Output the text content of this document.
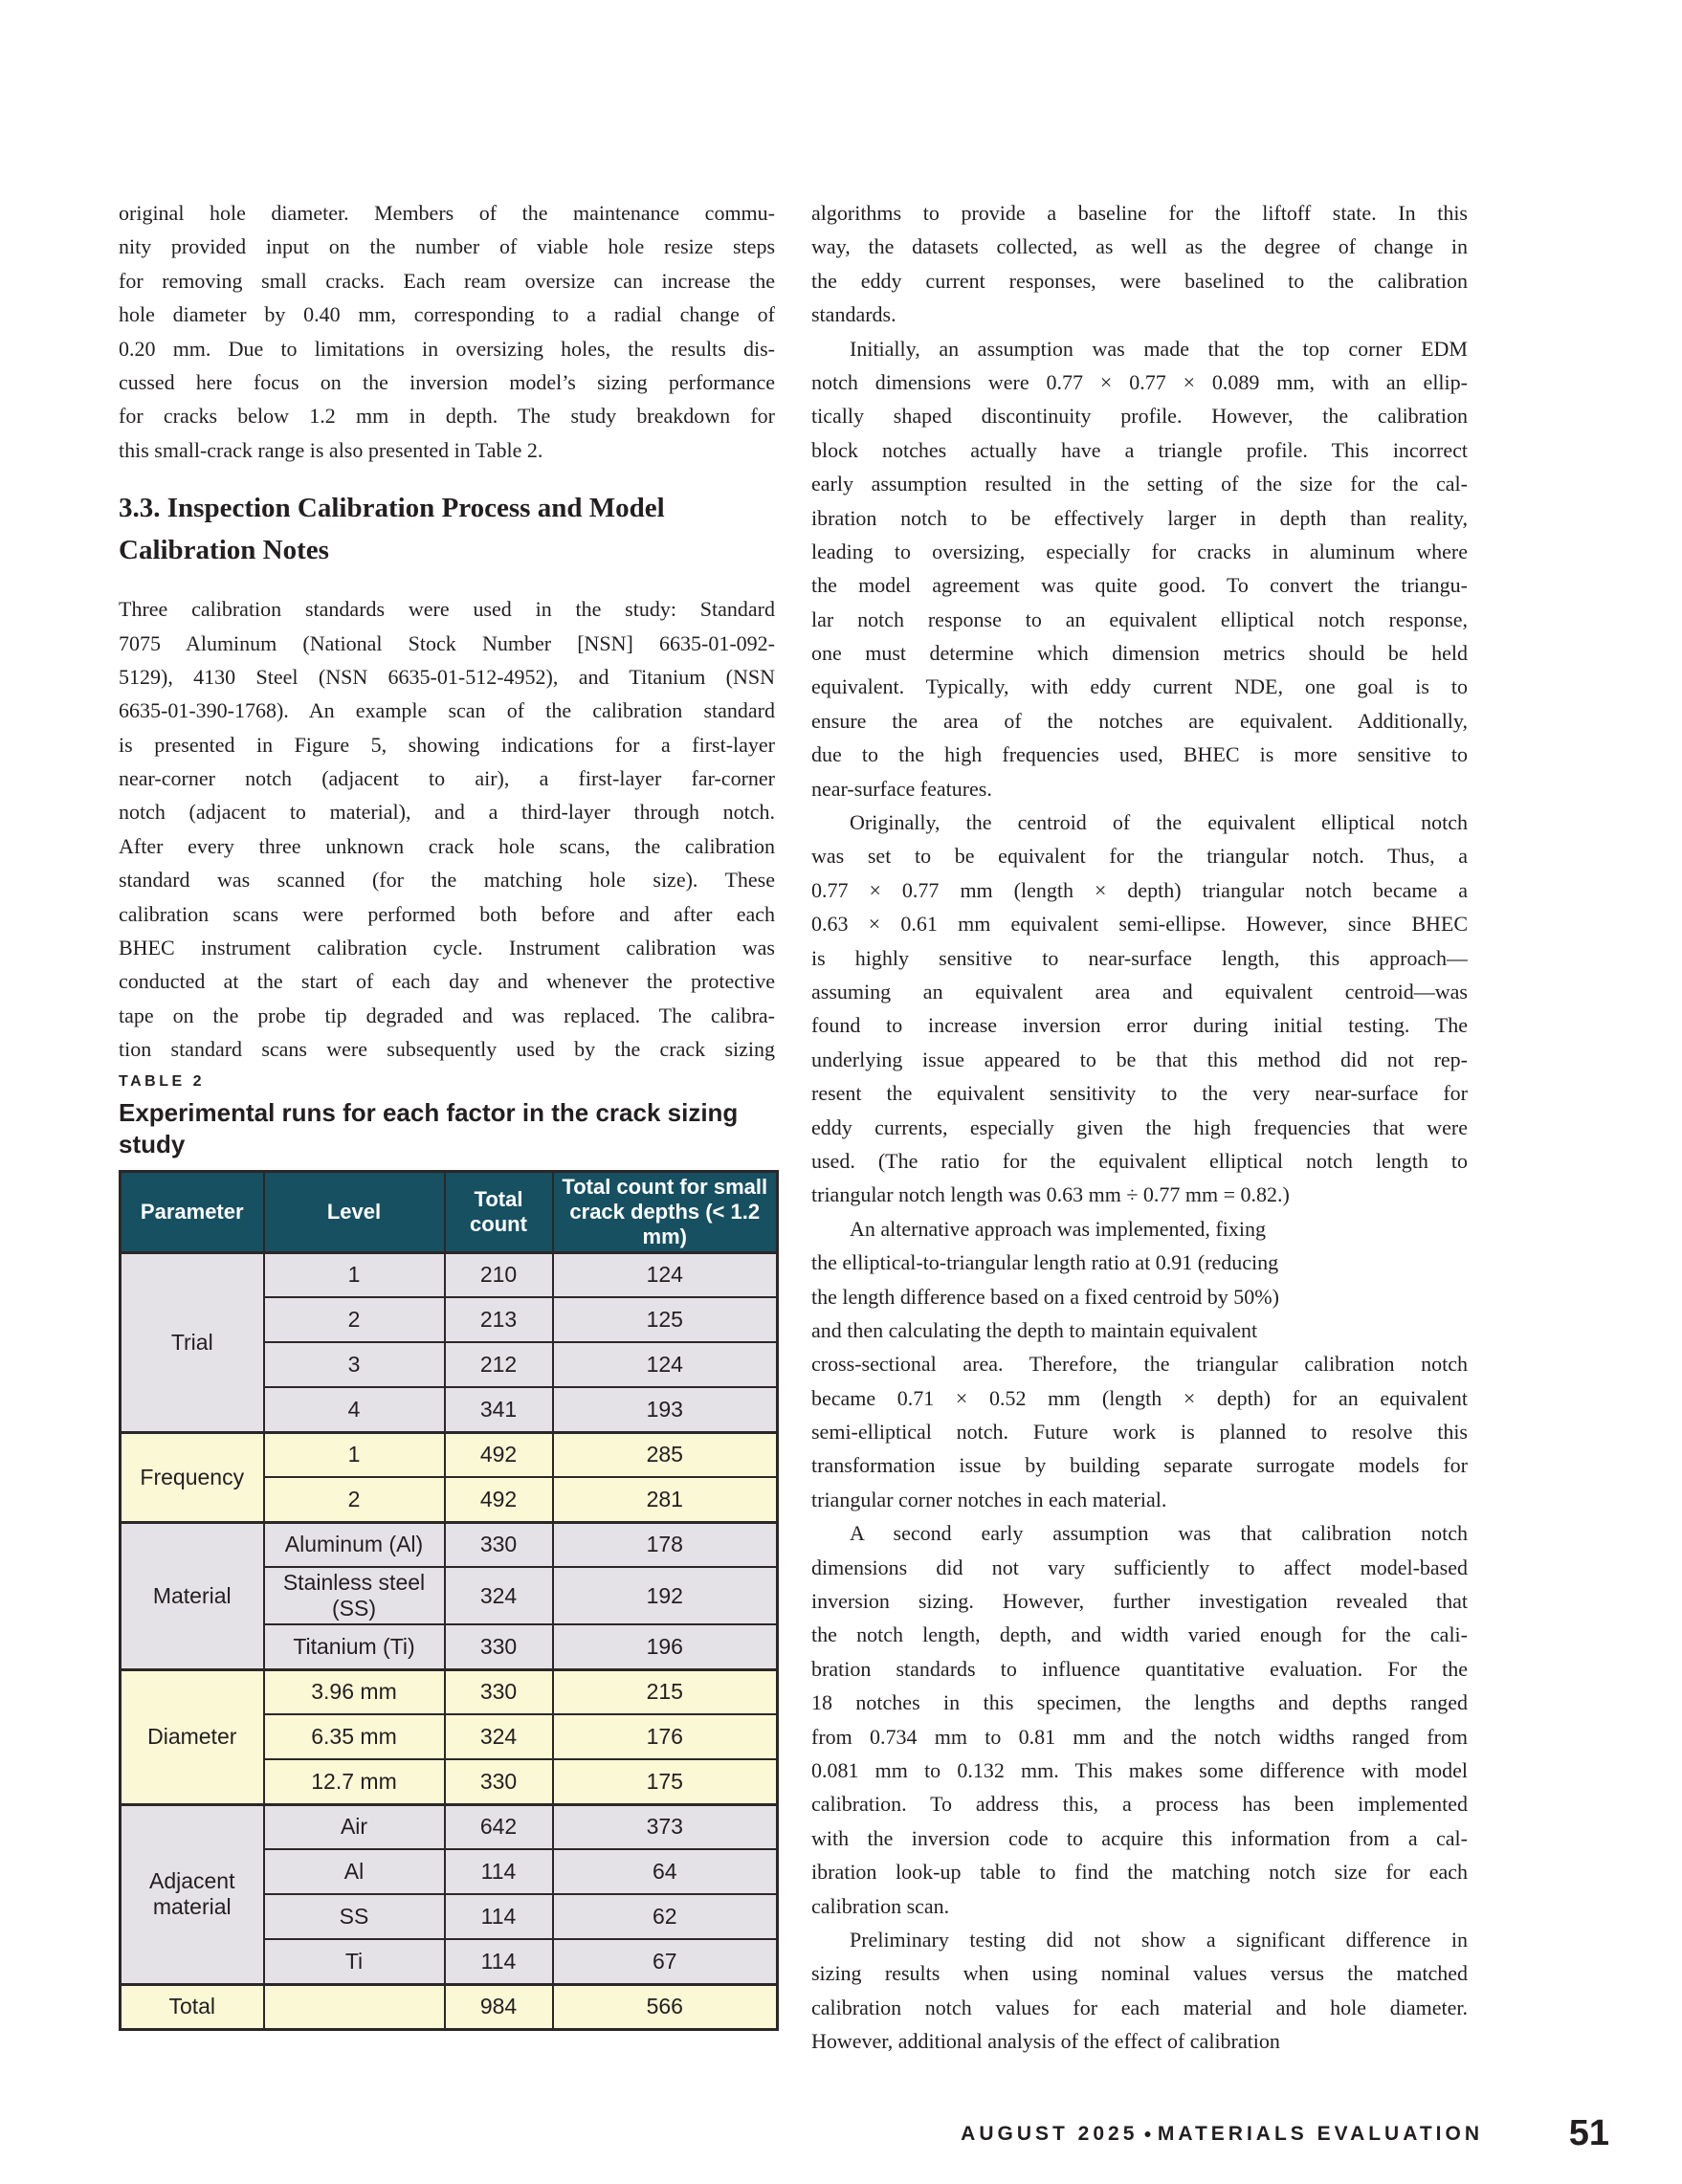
original hole diameter. Members of the maintenance commu-
nity provided input on the number of viable hole resize steps
for removing small cracks. Each ream oversize can increase the
hole diameter by 0.40 mm, corresponding to a radial change of
0.20 mm. Due to limitations in oversizing holes, the results dis-
cussed here focus on the inversion model’s sizing performance
for cracks below 1.2 mm in depth. The study breakdown for
this small-crack range is also presented in Table 2.
3.3. Inspection Calibration Process and Model
Calibration Notes
Three calibration standards were used in the study: Standard
7075 Aluminum (National Stock Number [NSN] 6635-01-092-
5129), 4130 Steel (NSN 6635-01-512-4952), and Titanium (NSN
6635-01-390-1768). An example scan of the calibration standard
is presented in Figure 5, showing indications for a first-layer
near-corner notch (adjacent to air), a first-layer far-corner
notch (adjacent to material), and a third-layer through notch.
After every three unknown crack hole scans, the calibration
standard was scanned (for the matching hole size). These
calibration scans were performed both before and after each
BHEC instrument calibration cycle. Instrument calibration was
conducted at the start of each day and whenever the protective
tape on the probe tip degraded and was replaced. The calibra-
tion standard scans were subsequently used by the crack sizing
TABLE 2
Experimental runs for each factor in the crack sizing
study
Parameter	Level	Total count	Total count for small crack depths (< 1.2 mm)
Trial	1	210	124
	2	213	125
	3	212	124
	4	341	193
Frequency	1	492	285
	2	492	281
Material	Aluminum (Al)	330	178
	Stainless steel (SS)	324	192
	Titanium (Ti)	330	196
Diameter	3.96 mm	330	215
	6.35 mm	324	176
	12.7 mm	330	175
Adjacent material	Air	642	373
	Al	114	64
	SS	114	62
	Ti	114	67
Total		984	566
algorithms to provide a baseline for the liftoff state. In this
way, the datasets collected, as well as the degree of change in
the eddy current responses, were baselined to the calibration
standards.
Initially, an assumption was made that the top corner EDM
notch dimensions were 0.77 × 0.77 × 0.089 mm, with an ellip-
tically shaped discontinuity profile. However, the calibration
block notches actually have a triangle profile. This incorrect
early assumption resulted in the setting of the size for the cal-
ibration notch to be effectively larger in depth than reality,
leading to oversizing, especially for cracks in aluminum where
the model agreement was quite good. To convert the triangu-
lar notch response to an equivalent elliptical notch response,
one must determine which dimension metrics should be held
equivalent. Typically, with eddy current NDE, one goal is to
ensure the area of the notches are equivalent. Additionally,
due to the high frequencies used, BHEC is more sensitive to
near-surface features.
Originally, the centroid of the equivalent elliptical notch
was set to be equivalent for the triangular notch. Thus, a
0.77 × 0.77 mm (length × depth) triangular notch became a
0.63 × 0.61 mm equivalent semi-ellipse. However, since BHEC
is highly sensitive to near-surface length, this approach—
assuming an equivalent area and equivalent centroid—was
found to increase inversion error during initial testing. The
underlying issue appeared to be that this method did not rep-
resent the equivalent sensitivity to the very near-surface for
eddy currents, especially given the high frequencies that were
used. (The ratio for the equivalent elliptical notch length to
triangular notch length was 0.63 mm ÷ 0.77 mm = 0.82.)
An alternative approach was implemented, fixing
the elliptical-to-triangular length ratio at 0.91 (reducing
the length difference based on a fixed centroid by 50%)
and then calculating the depth to maintain equivalent
cross-sectional area. Therefore, the triangular calibration notch
became 0.71 × 0.52 mm (length × depth) for an equivalent
semi-elliptical notch. Future work is planned to resolve this
transformation issue by building separate surrogate models for
triangular corner notches in each material.
A second early assumption was that calibration notch
dimensions did not vary sufficiently to affect model-based
inversion sizing. However, further investigation revealed that
the notch length, depth, and width varied enough for the cali-
bration standards to influence quantitative evaluation. For the
18 notches in this specimen, the lengths and depths ranged
from 0.734 mm to 0.81 mm and the notch widths ranged from
0.081 mm to 0.132 mm. This makes some difference with model
calibration. To address this, a process has been implemented
with the inversion code to acquire this information from a cal-
ibration look-up table to find the matching notch size for each
calibration scan.
Preliminary testing did not show a significant difference in
sizing results when using nominal values versus the matched
calibration notch values for each material and hole diameter.
However, additional analysis of the effect of calibration
AUGUST 2025 ● MATERIALS EVALUATION 51
